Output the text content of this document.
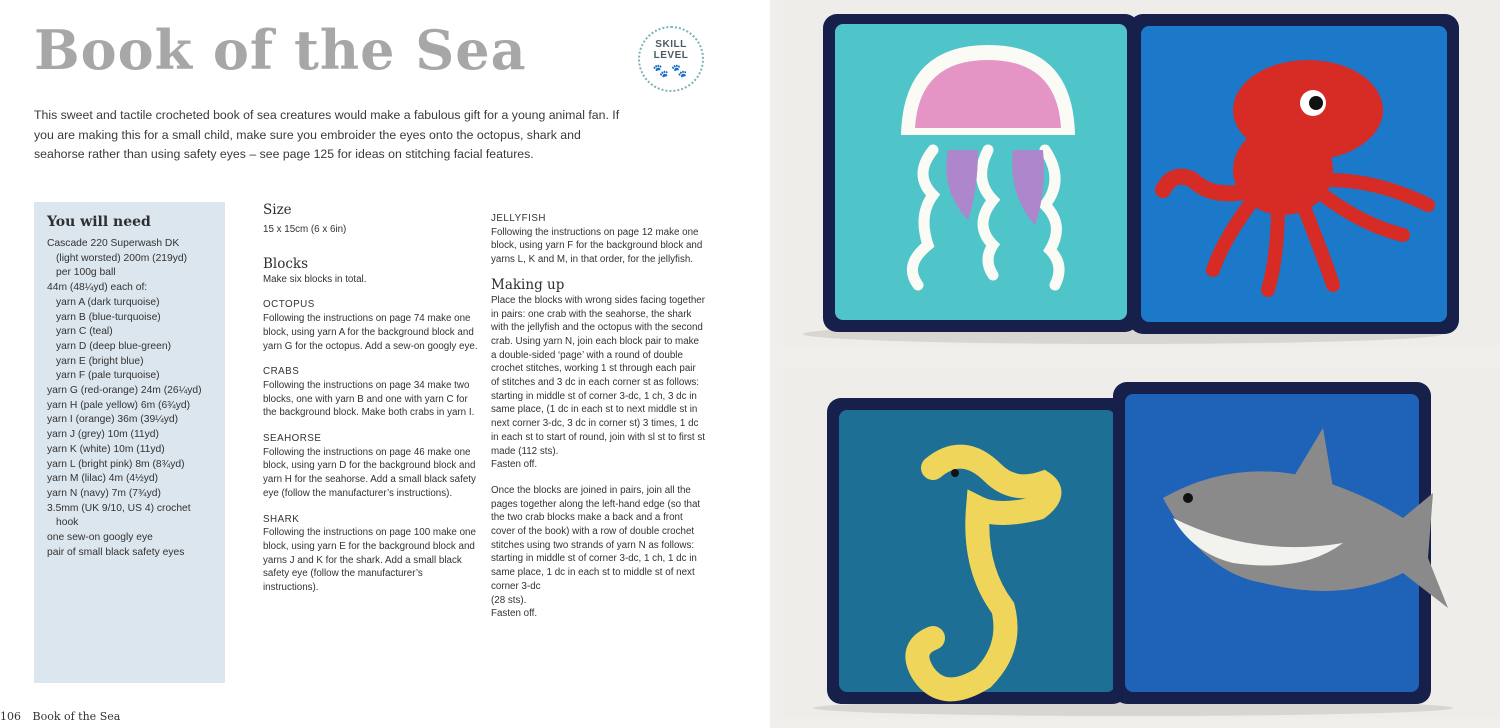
Book of the Sea	SKILL LEVEL
🐾🐾

This sweet and tactile crocheted book of sea creatures would make a fabulous gift for a young animal fan. If you are making this for a small child, make sure you embroider the eyes onto the octopus, shark and seahorse rather than using safety eyes – see page 125 for ideas on stitching facial features.

You will need
Cascade 220 Superwash DK
(light worsted) 200m (219yd)
per 100g ball
44m (48¼yd) each of:
yarn A (dark turquoise)
yarn B (blue-turquoise)
yarn C (teal)
yarn D (deep blue-green)
yarn E (bright blue)
yarn F (pale turquoise)
yarn G (red-orange) 24m (26¼yd)
yarn H (pale yellow) 6m (6¾yd)
yarn I (orange) 36m (39¼yd)
yarn J (grey) 10m (11yd)
yarn K (white) 10m (11yd)
yarn L (bright pink) 8m (8¾yd)
yarn M (lilac) 4m (4½yd)
yarn N (navy) 7m (7¾yd)
3.5mm (UK 9/10, US 4) crochet
hook
one sew-on googly eye
pair of small black safety eyes

Size

15 x 15cm (6 x 6in)

Blocks

Make six blocks in total.

OCTOPUS

Following the instructions on page 74 make one block, using yarn A for the background block and yarn G for the octopus. Add a sew-on googly eye.

CRABS

Following the instructions on page 34 make two blocks, one with yarn B and one with yarn C for the background block. Make both crabs in yarn I.

SEAHORSE

Following the instructions on page 46 make one block, using yarn D for the background block and yarn H for the seahorse. Add a small black safety eye (follow the manufacturer’s instructions).

SHARK

Following the instructions on page 100 make one block, using yarn E for the background block and yarns J and K for the shark. Add a small black safety eye (follow the manufacturer’s instructions).

JELLYFISH

Following the instructions on page 12 make one block, using yarn F for the background block and yarns L, K and M, in that order, for the jellyfish.

Making up

Place the blocks with wrong sides facing together in pairs: one crab with the seahorse, the shark with the jellyfish and the octopus with the second crab. Using yarn N, join each block pair to make a double-sided ‘page’ with a round of double crochet stitches, working 1 st through each pair of stitches and 3 dc in each corner st as follows: starting in middle st of corner 3-dc, 1 ch, 3 dc in same place, (1 dc in each st to next middle st in next corner 3-dc, 3 dc in corner st) 3 times, 1 dc in each st to start of round, join with sl st to first st made (112 sts).

Fasten off.

Once the blocks are joined in pairs, join all the pages together along the left-hand edge (so that the two crab blocks make a back and a front cover of the book) with a row of double crochet stitches using two strands of yarn N as follows: starting in middle st of corner 3-dc, 1 ch, 1 dc in same place, 1 dc in each st to middle st of next corner 3-dc

(28 sts).

Fasten off.

106 Book of the Sea
